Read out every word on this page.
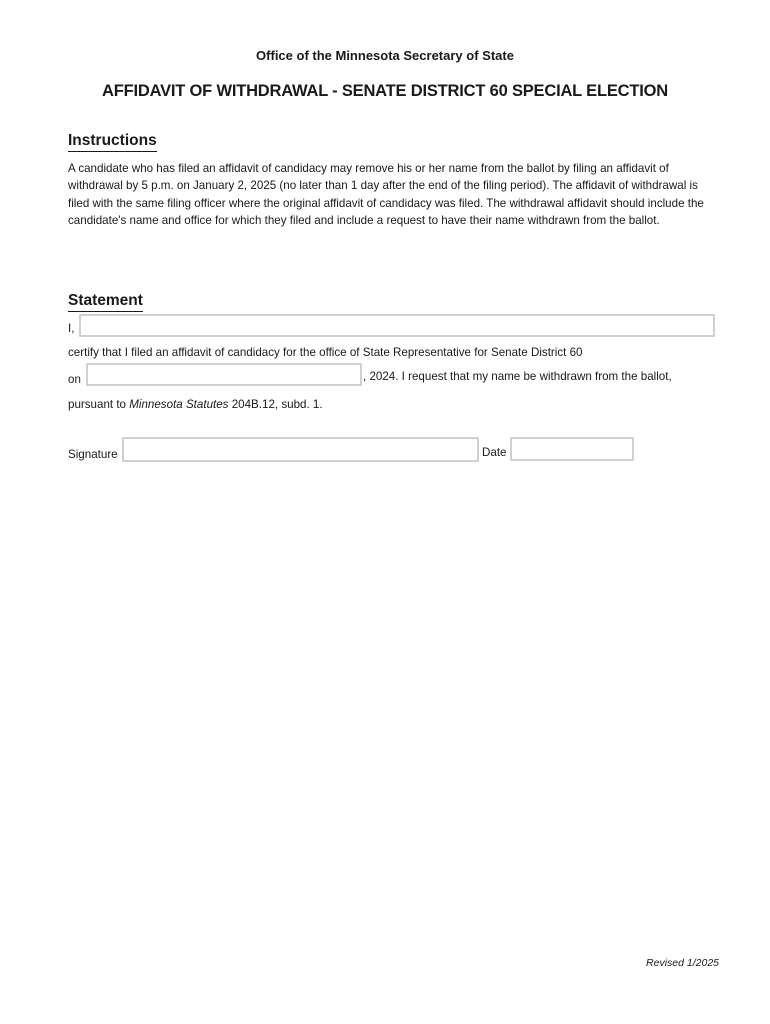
Office of the Minnesota Secretary of State
AFFIDAVIT OF WITHDRAWAL - SENATE DISTRICT 60 SPECIAL ELECTION
Instructions
A candidate who has filed an affidavit of candidacy may remove his or her name from the ballot by filing an affidavit of withdrawal by 5 p.m. on January 2, 2025 (no later than 1 day after the end of the filing period). The affidavit of withdrawal is filed with the same filing officer where the original affidavit of candidacy was filed. The withdrawal affidavit should include the candidate's name and office for which they filed and include a request to have their name withdrawn from the ballot.
Statement
I,
certify that I filed an affidavit of candidacy for the office of State Representative for Senate District 60
on	, 2024. I request that my name be withdrawn from the ballot,
pursuant to Minnesota Statutes 204B.12, subd. 1.
Signature	Date
Revised 1/2025
